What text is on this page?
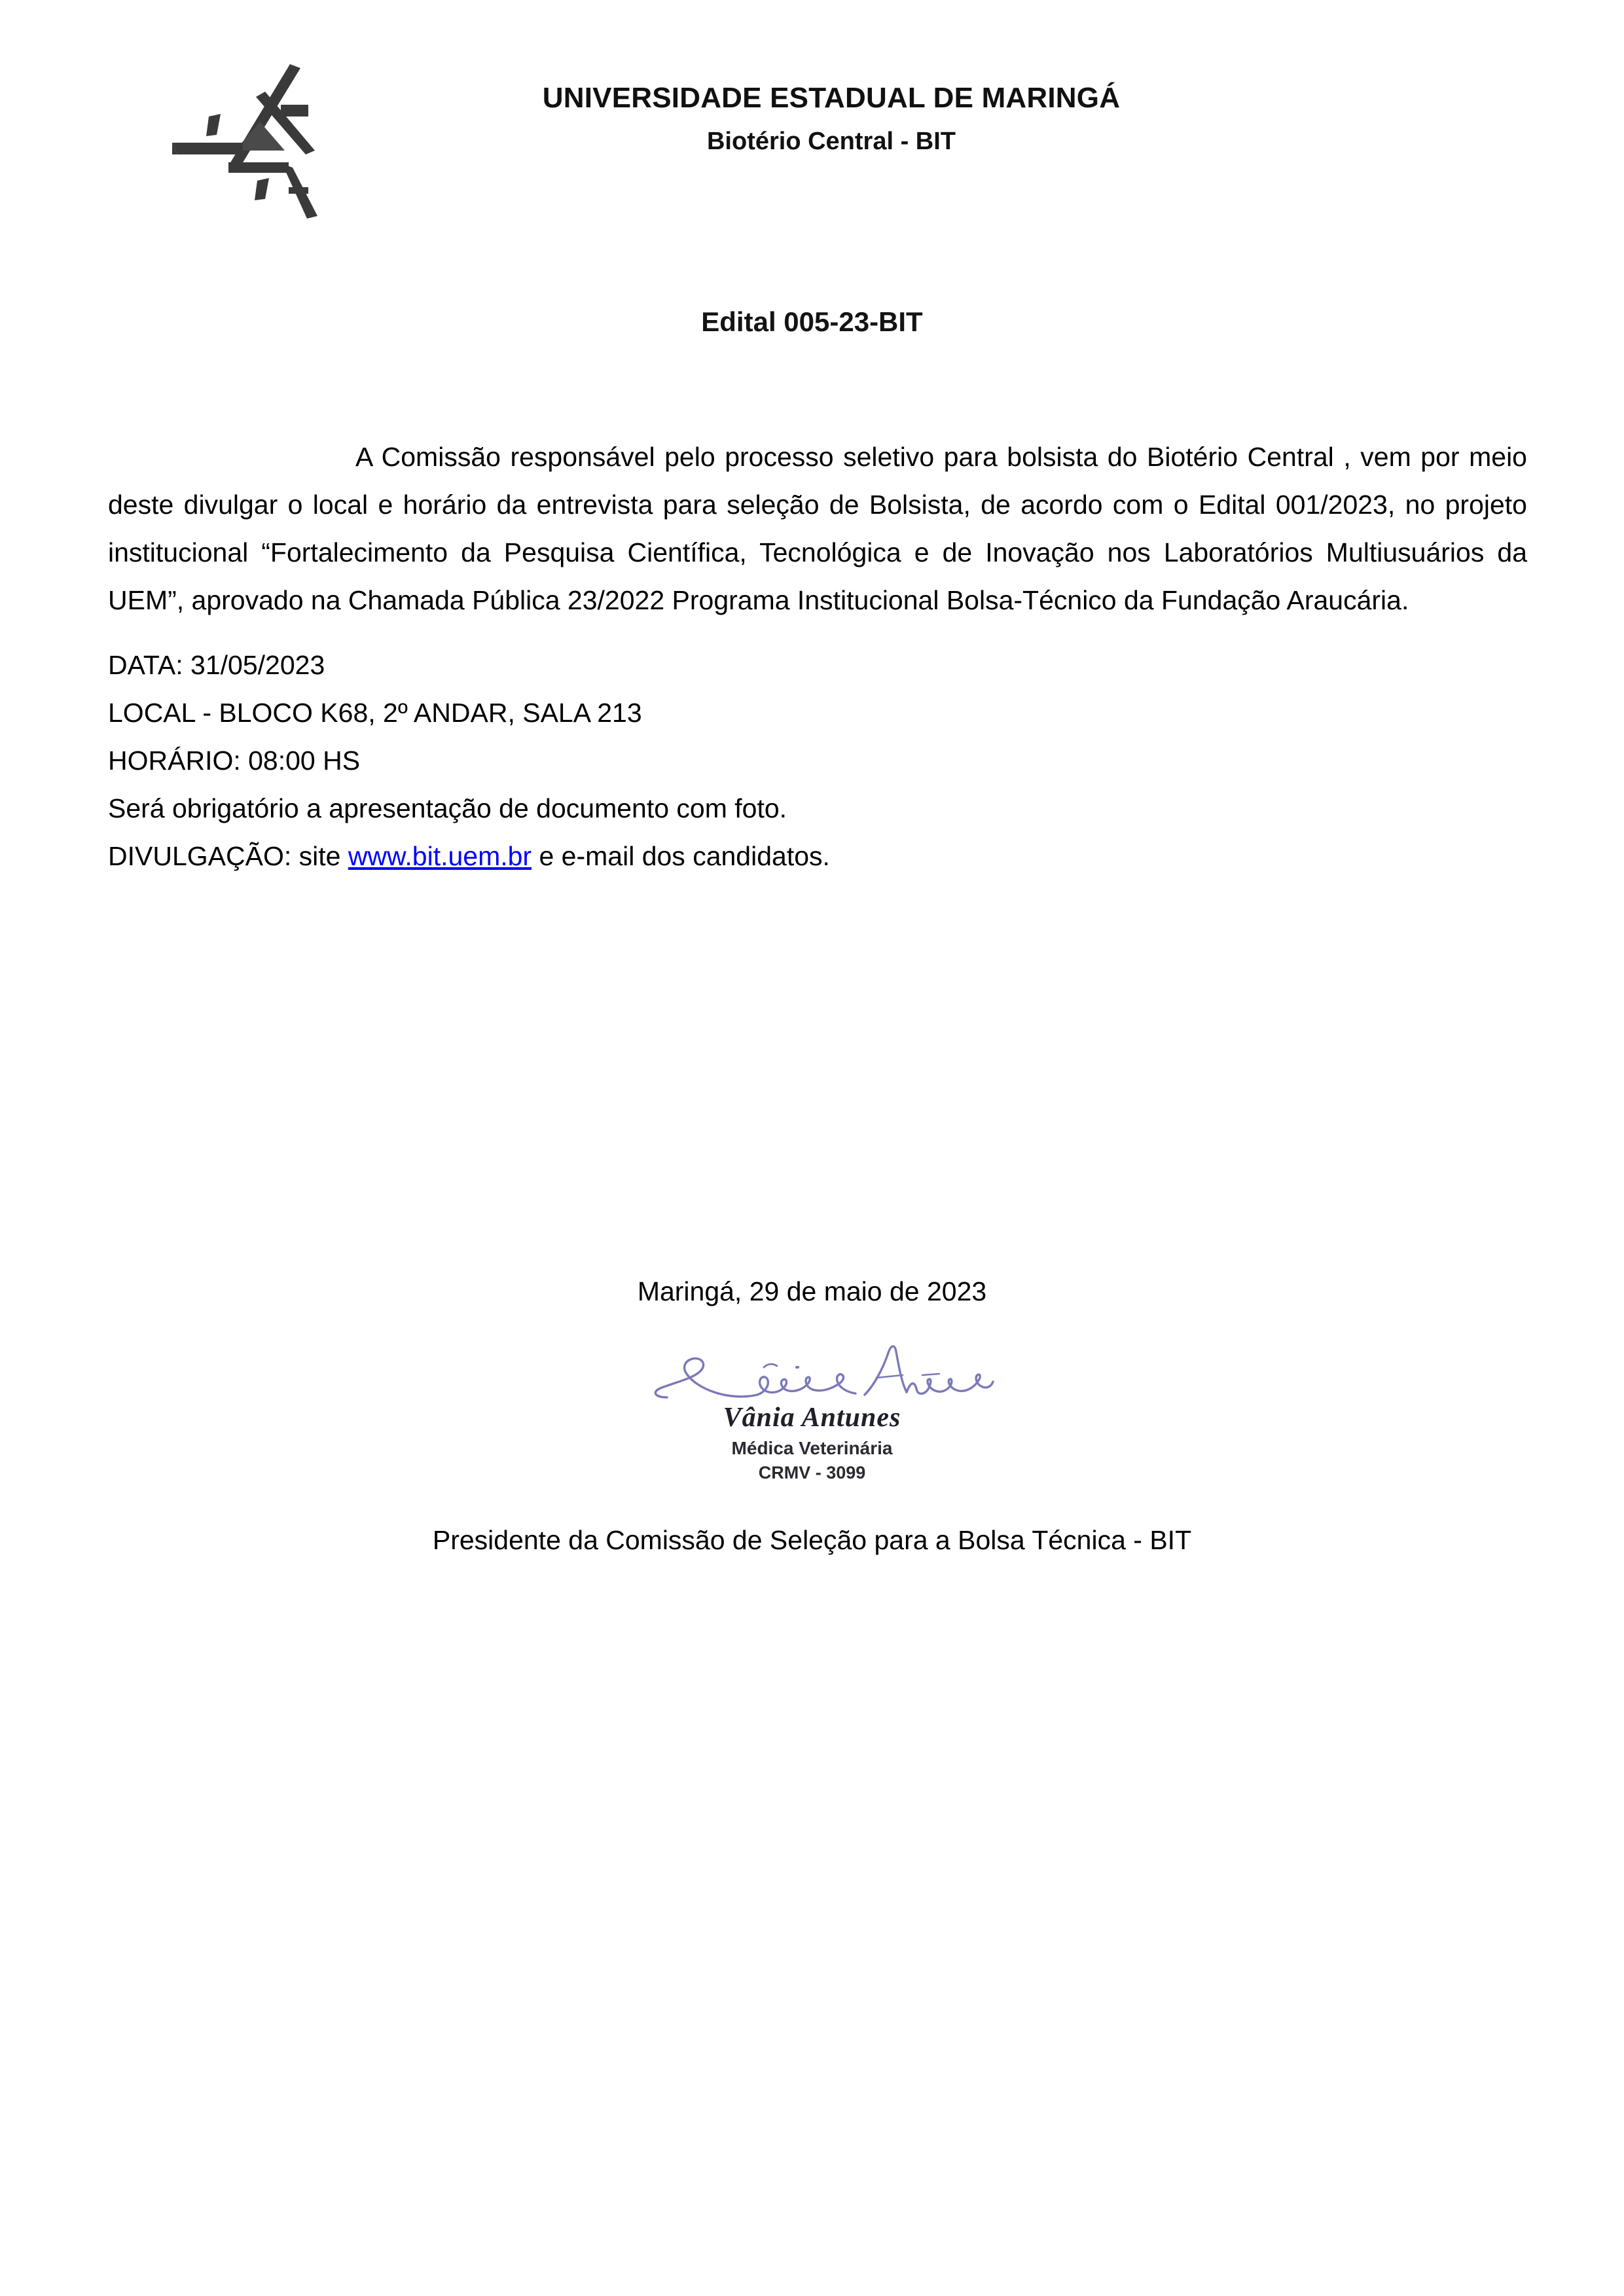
UNIVERSIDADE ESTADUAL DE MARINGÁ
Biotério Central - BIT
Edital 005-23-BIT

A Comissão responsável pelo processo seletivo para bolsista do Biotério Central , vem por meio deste divulgar o local e horário da entrevista para seleção de Bolsista, de acordo com o Edital 001/2023, no projeto institucional “Fortalecimento da Pesquisa Científica, Tecnológica e de Inovação nos Laboratórios Multiusuários da UEM”, aprovado na Chamada Pública 23/2022 Programa Institucional Bolsa-Técnico da Fundação Araucária.

DATA: 31/05/2023
LOCAL - BLOCO K68, 2º ANDAR, SALA 213
HORÁRIO: 08:00 HS
Será obrigatório a apresentação de documento com foto.
DIVULGAÇÃO: site www.bit.uem.br e e-mail dos candidatos.
Maringá, 29 de maio de 2023
Vânia Antunes
Médica Veterinária
CRMV - 3099
Presidente da Comissão de Seleção para a Bolsa Técnica - BIT
